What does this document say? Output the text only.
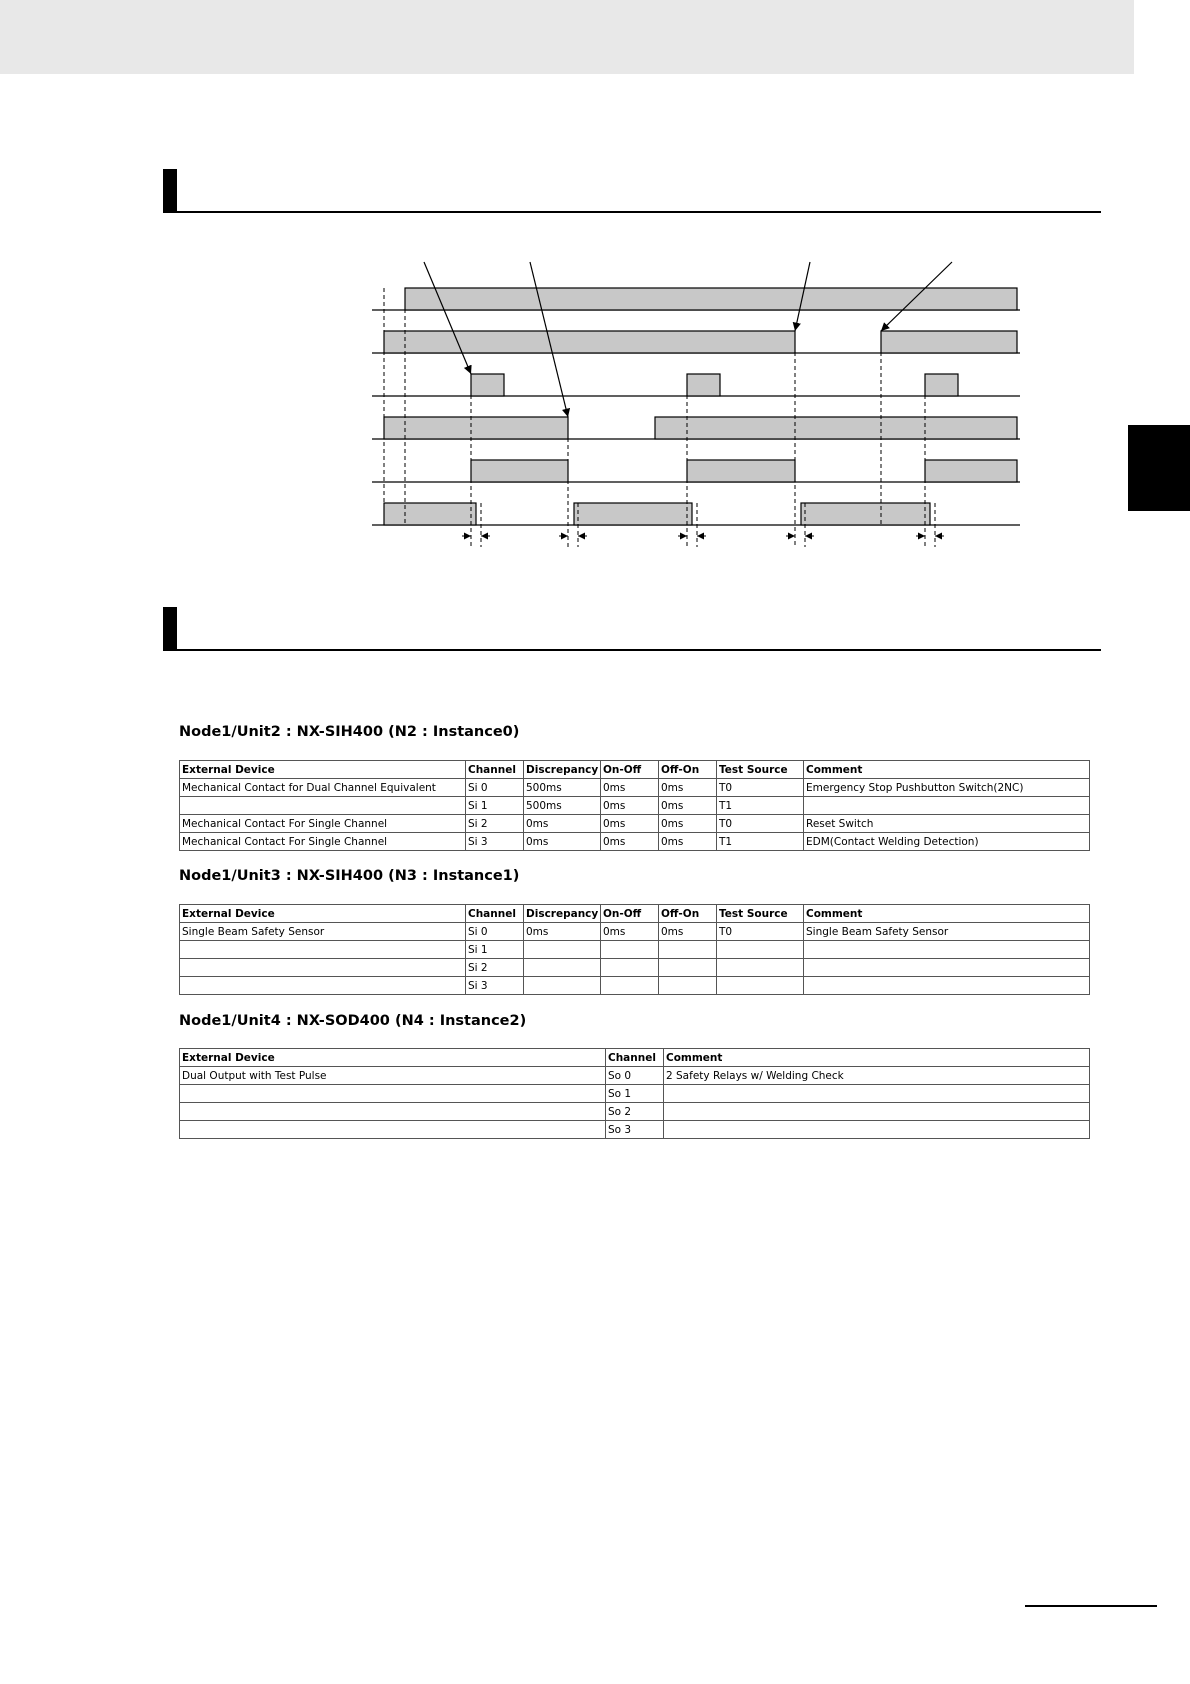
Node1/Unit2 : NX-SIH400 (N2 : Instance0)
External Device	Channel	Discrepancy	On-Off	Off-On	Test Source	Comment
Mechanical Contact for Dual Channel Equivalent	Si 0	500ms	0ms	0ms	T0	Emergency Stop Pushbutton Switch(2NC)
	Si 1	500ms	0ms	0ms	T1	
Mechanical Contact For Single Channel	Si 2	0ms	0ms	0ms	T0	Reset Switch
Mechanical Contact For Single Channel	Si 3	0ms	0ms	0ms	T1	EDM(Contact Welding Detection)
Node1/Unit3 : NX-SIH400 (N3 : Instance1)
External Device	Channel	Discrepancy	On-Off	Off-On	Test Source	Comment
Single Beam Safety Sensor	Si 0	0ms	0ms	0ms	T0	Single Beam Safety Sensor
	Si 1					
	Si 2					
	Si 3					
Node1/Unit4 : NX-SOD400 (N4 : Instance2)
External Device	Channel	Comment
Dual Output with Test Pulse	So 0	2 Safety Relays w/ Welding Check
	So 1	
	So 2	
	So 3	
